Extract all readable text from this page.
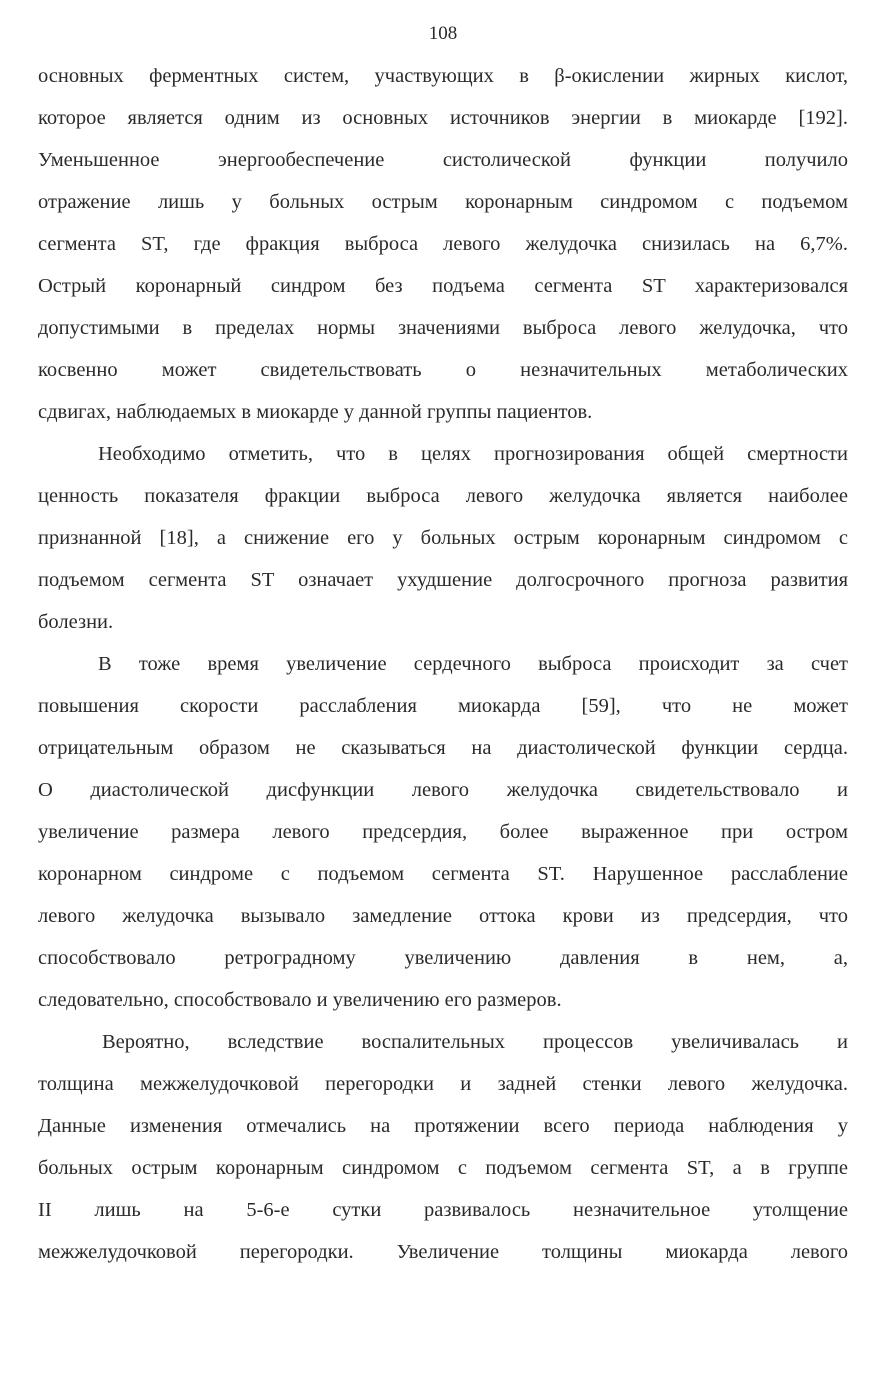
108
основных ферментных систем, участвующих в β-окислении жирных кислот,
которое является одним из основных источников энергии в миокарде [192].
Уменьшенное энергообеспечение систолической функции получило
отражение лишь у больных острым коронарным синдромом с подъемом
сегмента ST, где фракция выброса левого желудочка снизилась на 6,7%.
Острый коронарный синдром без подъема сегмента ST характеризовался
допустимыми в пределах нормы значениями выброса левого желудочка, что
косвенно может свидетельствовать о незначительных метаболических
сдвигах, наблюдаемых в миокарде у данной группы пациентов.
Необходимо отметить, что в целях прогнозирования общей смертности
ценность показателя фракции выброса левого желудочка является наиболее
признанной [18], а снижение его у больных острым коронарным синдромом с
подъемом сегмента ST означает ухудшение долгосрочного прогноза развития
болезни.
В тоже время увеличение сердечного выброса происходит за счет
повышения скорости расслабления миокарда [59], что не может
отрицательным образом не сказываться на диастолической функции сердца.
О диастолической дисфункции левого желудочка свидетельствовало и
увеличение размера левого предсердия, более выраженное при остром
коронарном синдроме с подъемом сегмента ST. Нарушенное расслабление
левого желудочка вызывало замедление оттока крови из предсердия, что
способствовало ретроградному увеличению давления в нем, а,
следовательно, способствовало и увеличению его размеров.
Вероятно, вследствие воспалительных процессов увеличивалась и
толщина межжелудочковой перегородки и задней стенки левого желудочка.
Данные изменения отмечались на протяжении всего периода наблюдения у
больных острым коронарным синдромом с подъемом сегмента ST, а в группе
II лишь на 5-6-е сутки развивалось незначительное утолщение
межжелудочковой перегородки. Увеличение толщины миокарда левого
